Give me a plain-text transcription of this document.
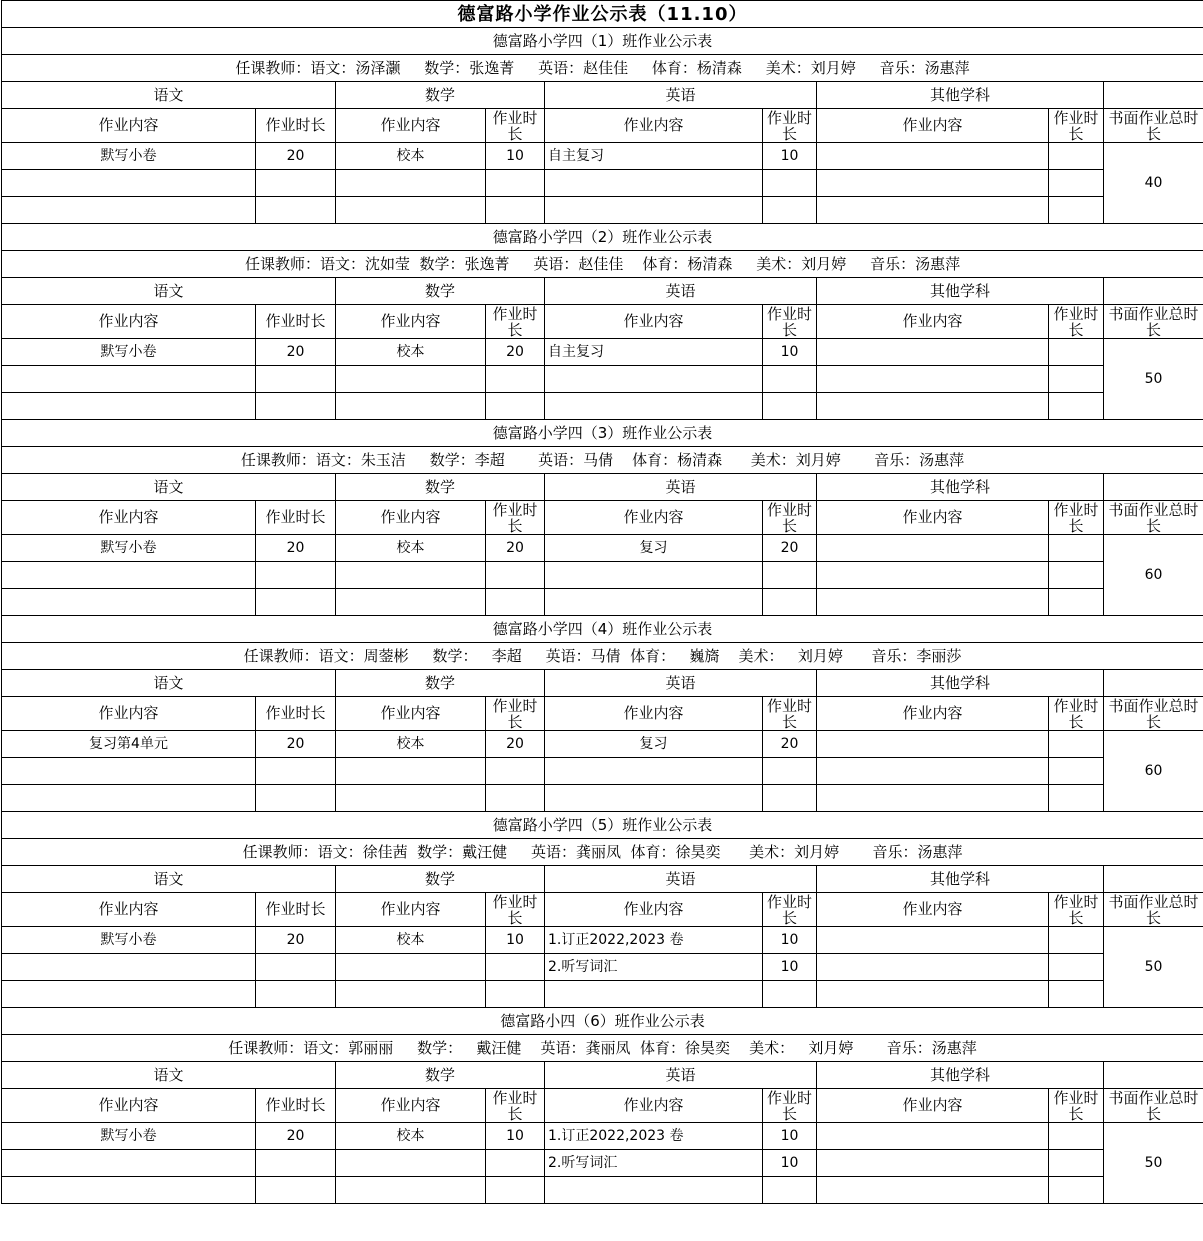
德富路小学作业公示表（11.10）								
德富路小学四（1）班作业公示表								
任课教师：语文：汤泽灏     数学：张逸菁     英语：赵佳佳     体育：杨清森     美术：刘月婷     音乐：汤惠萍								
语文		数学		英语		其他学科		
作业内容	作业时长	作业内容	作业时长	作业内容	作业时长	作业内容	作业时长	书面作业总时长
默写小卷	20	校本	10	自主复习	10			40

德富路小学四（2）班作业公示表								
任课教师：语文：沈如莹  数学：张逸菁     英语：赵佳佳    体育：杨清森     美术：刘月婷     音乐：汤惠萍								
语文		数学		英语		其他学科		
作业内容	作业时长	作业内容	作业时长	作业内容	作业时长	作业内容	作业时长	书面作业总时长
默写小卷	20	校本	20	自主复习	10			50

德富路小学四（3）班作业公示表								
任课教师：语文：朱玉洁     数学：李超       英语：马倩    体育：杨清森      美术：刘月婷       音乐：汤惠萍								
语文		数学		英语		其他学科		
作业内容	作业时长	作业内容	作业时长	作业内容	作业时长	作业内容	作业时长	书面作业总时长
默写小卷	20	校本	20	复习	20			60

德富路小学四（4）班作业公示表								
任课教师：语文：周蓥彬     数学：   李超     英语：马倩  体育：   巍旖    美术：   刘月婷      音乐：李丽莎								
语文		数学		英语		其他学科		
作业内容	作业时长	作业内容	作业时长	作业内容	作业时长	作业内容	作业时长	书面作业总时长
复习第4单元	20	校本	20	复习	20			60

德富路小学四（5）班作业公示表								
任课教师：语文：徐佳茜  数学：戴汪健     英语：龚丽凤  体育：徐昊奕      美术：刘月婷       音乐：汤惠萍								
语文		数学		英语		其他学科		
作业内容	作业时长	作业内容	作业时长	作业内容	作业时长	作业内容	作业时长	书面作业总时长
默写小卷	20	校本	10	1.订正2022,2023 卷	10			50
				2.听写词汇	10			

德富路小四（6）班作业公示表								
任课教师：语文：郭丽丽     数学：   戴汪健    英语：龚丽凤  体育：徐昊奕    美术：   刘月婷       音乐：汤惠萍								
语文		数学		英语		其他学科		
作业内容	作业时长	作业内容	作业时长	作业内容	作业时长	作业内容	作业时长	书面作业总时长
默写小卷	20	校本	10	1.订正2022,2023 卷	10			50
				2.听写词汇	10			
